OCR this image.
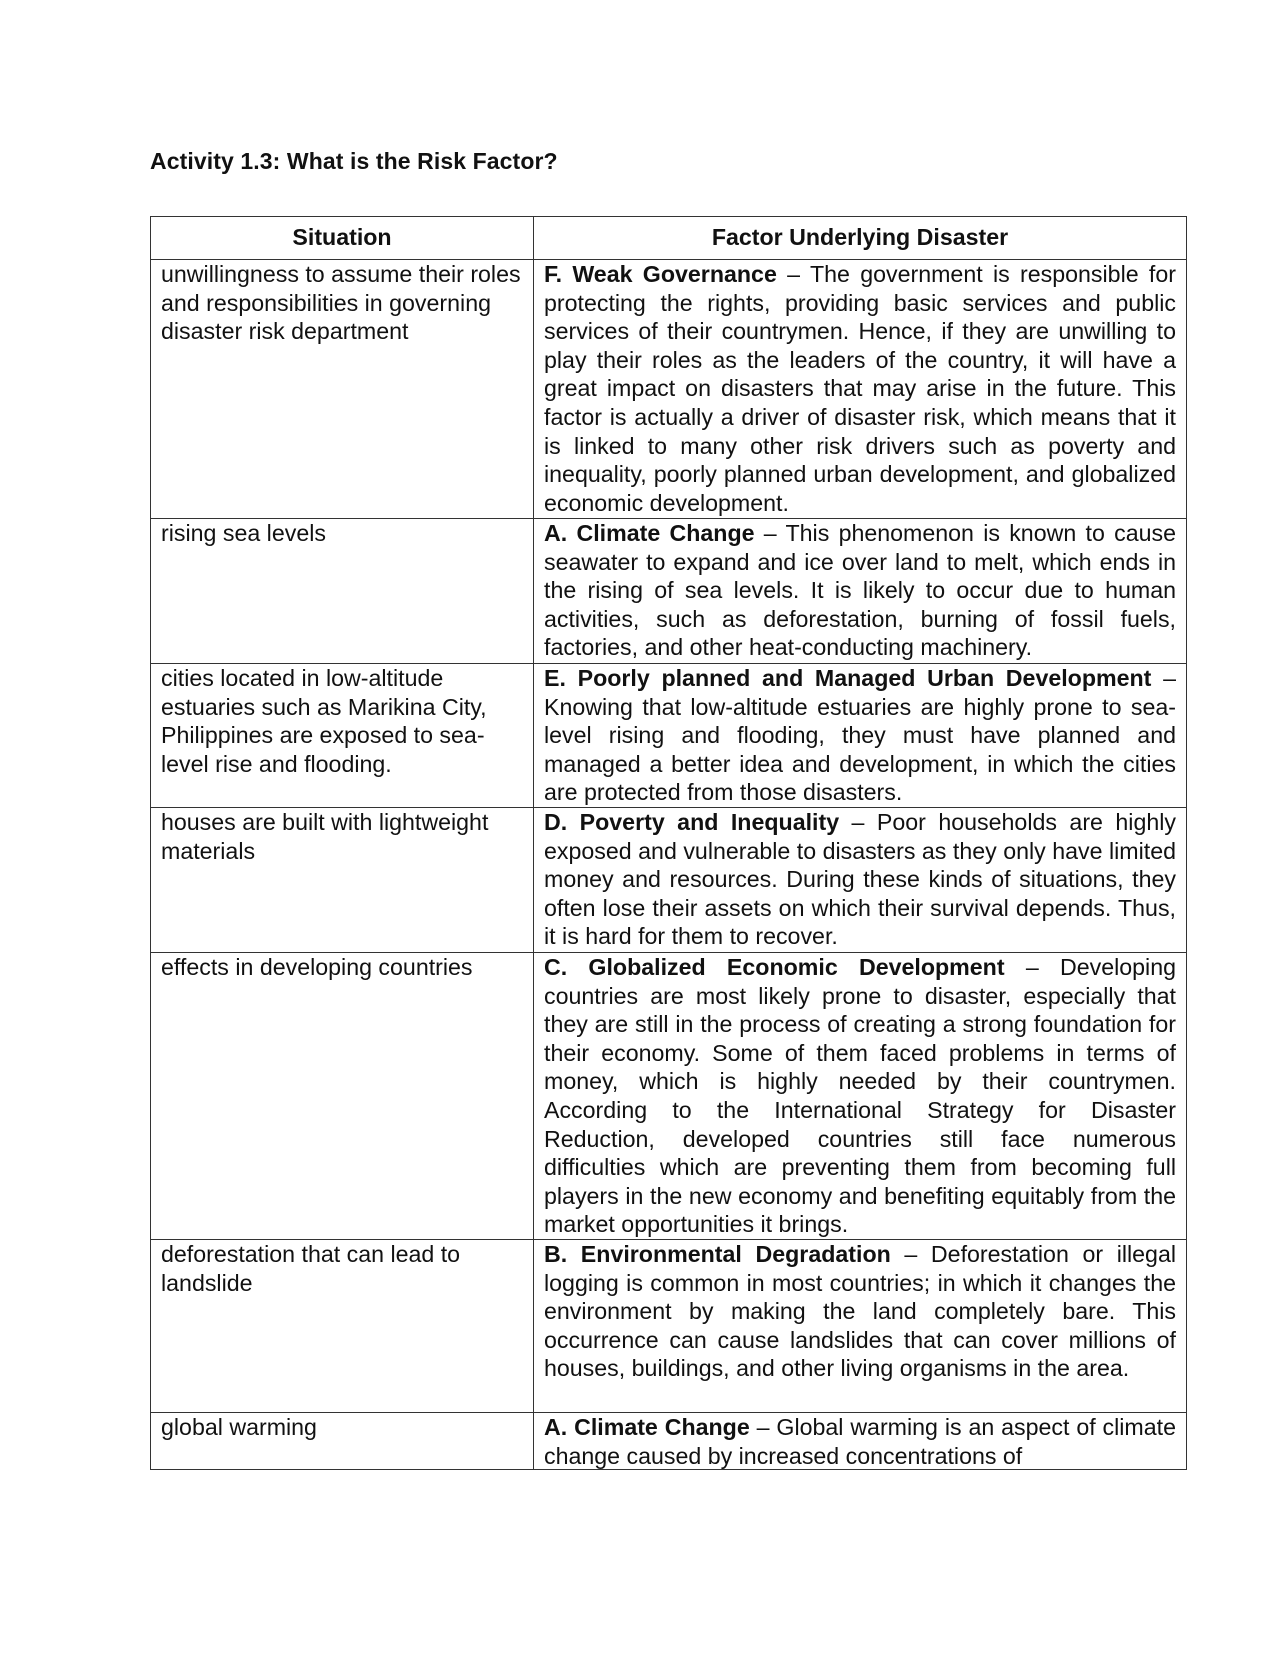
Activity 1.3: What is the Risk Factor?
Situation	Factor Underlying Disaster
unwillingness to assume their roles and responsibilities in governing disaster risk department	F. Weak Governance – The government is responsible for protecting the rights, providing basic services and public services of their countrymen. Hence, if they are unwilling to play their roles as the leaders of the country, it will have a great impact on disasters that may arise in the future. This factor is actually a driver of disaster risk, which means that it is linked to many other risk drivers such as poverty and inequality, poorly planned urban development, and globalized economic development.
rising sea levels	A. Climate Change – This phenomenon is known to cause seawater to expand and ice over land to melt, which ends in the rising of sea levels. It is likely to occur due to human activities, such as deforestation, burning of fossil fuels, factories, and other heat-conducting machinery.
cities located in low-altitude estuaries such as Marikina City, Philippines are exposed to sea-level rise and flooding.	E. Poorly planned and Managed Urban Development – Knowing that low-altitude estuaries are highly prone to sea-level rising and flooding, they must have planned and managed a better idea and development, in which the cities are protected from those disasters.
houses are built with lightweight materials	D. Poverty and Inequality – Poor households are highly exposed and vulnerable to disasters as they only have limited money and resources. During these kinds of situations, they often lose their assets on which their survival depends. Thus, it is hard for them to recover.
effects in developing countries	C. Globalized Economic Development – Developing countries are most likely prone to disaster, especially that they are still in the process of creating a strong foundation for their economy. Some of them faced problems in terms of money, which is highly needed by their countrymen. According to the International Strategy for Disaster Reduction, developed countries still face numerous difficulties which are preventing them from becoming full players in the new economy and benefiting equitably from the market opportunities it brings.
deforestation that can lead to landslide	B. Environmental Degradation – Deforestation or illegal logging is common in most countries; in which it changes the environment by making the land completely bare. This occurrence can cause landslides that can cover millions of houses, buildings, and other living organisms in the area.
global warming	A. Climate Change – Global warming is an aspect of climate change caused by increased concentrations of
